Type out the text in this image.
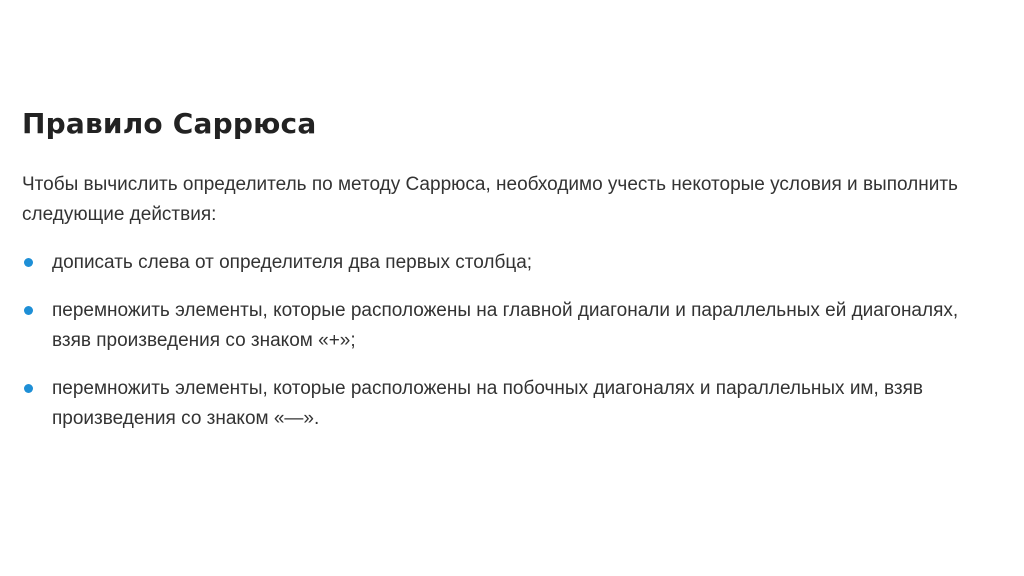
Правило Саррюса

Чтобы вычислить определитель по методу Саррюса, необходимо учесть некоторые условия и выполнить следующие действия:

дописать слева от определителя два первых столбца;
перемножить элементы, которые расположены на главной диагонали и параллельных ей диагоналях, взяв произведения со знаком «+»;
перемножить элементы, которые расположены на побочных диагоналях и параллельных им, взяв произведения со знаком «—».
